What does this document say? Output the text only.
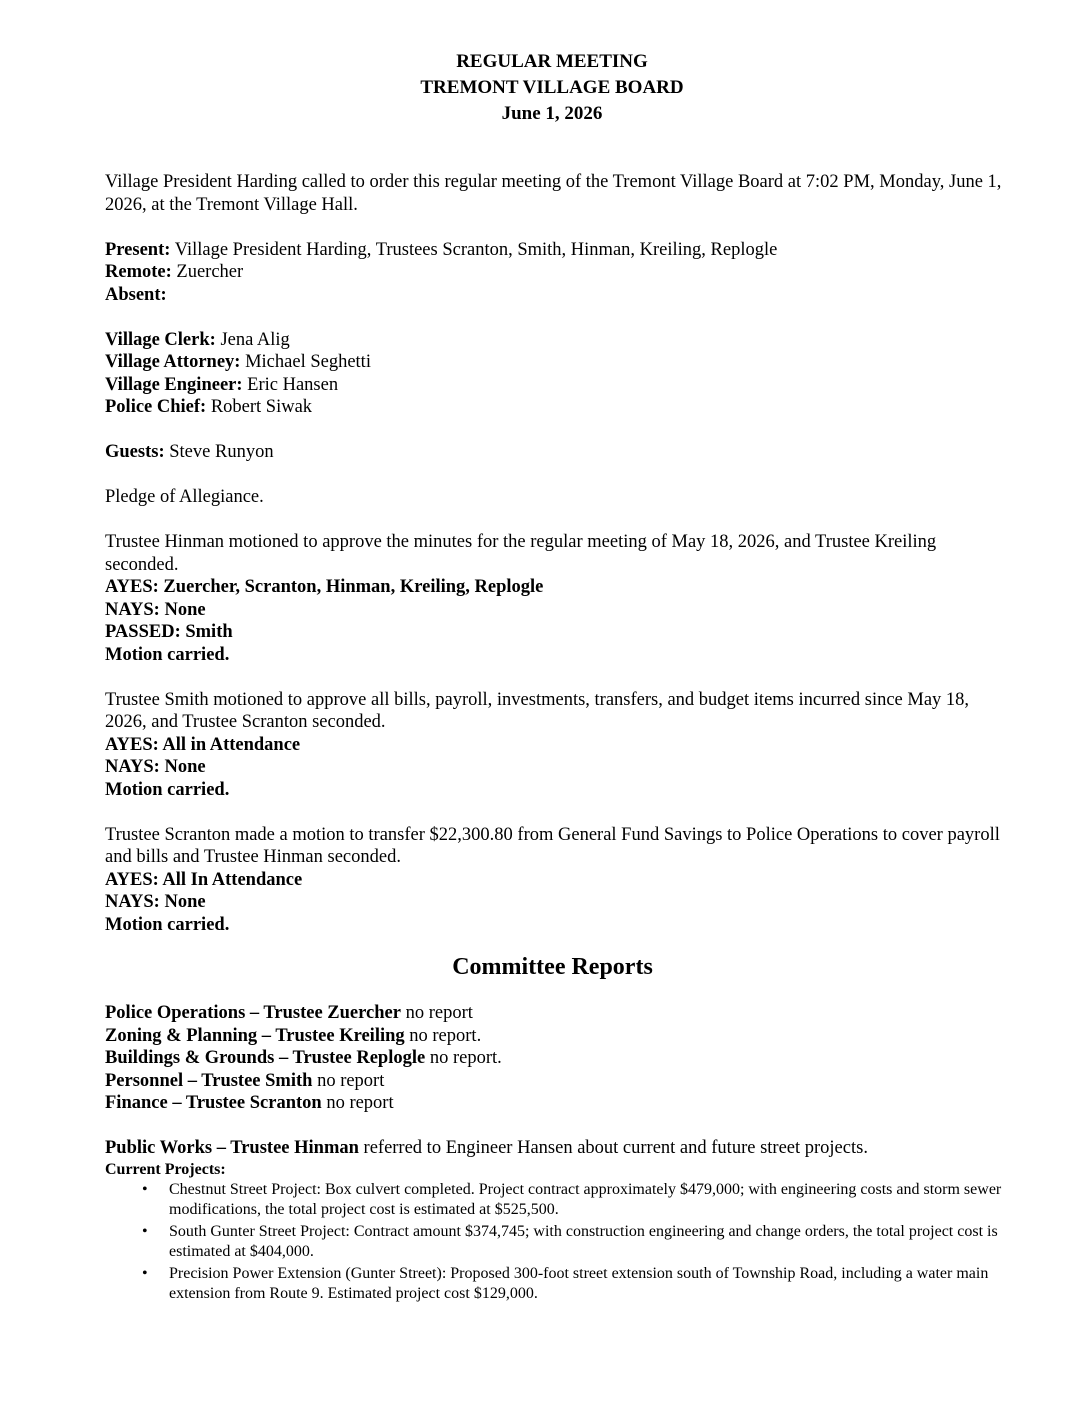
REGULAR MEETING
TREMONT VILLAGE BOARD
June 1, 2026

Village President Harding called to order this regular meeting of the Tremont Village Board at 7:02 PM, Monday, June 1, 2026, at the Tremont Village Hall.

Present: Village President Harding, Trustees Scranton, Smith, Hinman, Kreiling, Replogle

Remote: Zuercher

Absent:

Village Clerk: Jena Alig

Village Attorney: Michael Seghetti

Village Engineer: Eric Hansen

Police Chief: Robert Siwak

Guests: Steve Runyon

Pledge of Allegiance.

Trustee Hinman motioned to approve the minutes for the regular meeting of May 18, 2026, and Trustee Kreiling seconded.

AYES: Zuercher, Scranton, Hinman, Kreiling, Replogle

NAYS: None

PASSED: Smith

Motion carried.

Trustee Smith motioned to approve all bills, payroll, investments, transfers, and budget items incurred since May 18, 2026, and Trustee Scranton seconded.

AYES: All in Attendance

NAYS: None

Motion carried.

Trustee Scranton made a motion to transfer $22,300.80 from General Fund Savings to Police Operations to cover payroll and bills and Trustee Hinman seconded.

AYES: All In Attendance

NAYS: None

Motion carried.

Committee Reports

Police Operations – Trustee Zuercher no report

Zoning & Planning – Trustee Kreiling no report.

Buildings & Grounds – Trustee Replogle no report.

Personnel – Trustee Smith no report

Finance – Trustee Scranton no report

Public Works – Trustee Hinman referred to Engineer Hansen about current and future street projects.

Current Projects:

• Chestnut Street Project: Box culvert completed. Project contract approximately $479,000; with engineering costs and storm sewer modifications, the total project cost is estimated at $525,500.
• South Gunter Street Project: Contract amount $374,745; with construction engineering and change orders, the total project cost is estimated at $404,000.
• Precision Power Extension (Gunter Street): Proposed 300-foot street extension south of Township Road, including a water main extension from Route 9. Estimated project cost $129,000.
